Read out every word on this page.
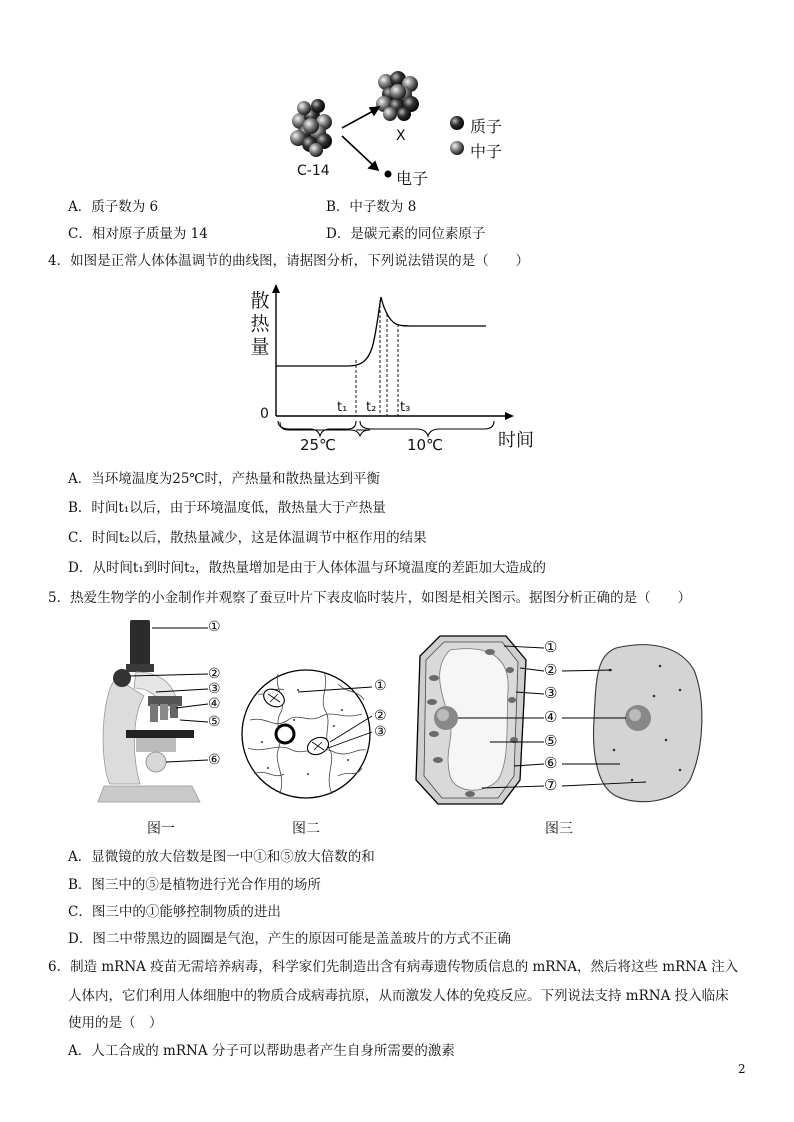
C-14
X
电子
质子
中子
A．质子数为 6	B．中子数为 8
C．相对原子质量为 14	D．是碳元素的同位素原子
4．如图是正常人体体温调节的曲线图，请据图分析，下列说法错误的是（　　）
散
热
量
0	t₁ t₂ t₃
25℃	10℃	时间
A．当环境温度为25℃时，产热量和散热量达到平衡
B．时间t₁以后，由于环境温度低，散热量大于产热量
C．时间t₂以后，散热量减少，这是体温调节中枢作用的结果
D．从时间t₁到时间t₂，散热量增加是由于人体体温与环境温度的差距加大造成的
5．热爱生物学的小金制作并观察了蚕豆叶片下表皮临时装片，如图是相关图示。据图分析正确的是（　　）
①
②
③
④
⑤
⑥
图一
①
②
③
图二
①
②
③
④
⑤
⑥
⑦
图三
A．显微镜的放大倍数是图一中①和⑤放大倍数的和
B．图三中的⑤是植物进行光合作用的场所
C．图三中的①能够控制物质的进出
D．图二中带黑边的圆圈是气泡，产生的原因可能是盖盖玻片的方式不正确
6．制造 mRNA 疫苗无需培养病毒，科学家们先制造出含有病毒遗传物质信息的 mRNA，然后将这些 mRNA 注入
人体内，它们利用人体细胞中的物质合成病毒抗原，从而激发人体的免疫反应。下列说法支持 mRNA 投入临床
使用的是（　）
A．人工合成的 mRNA 分子可以帮助患者产生自身所需要的激素
2
